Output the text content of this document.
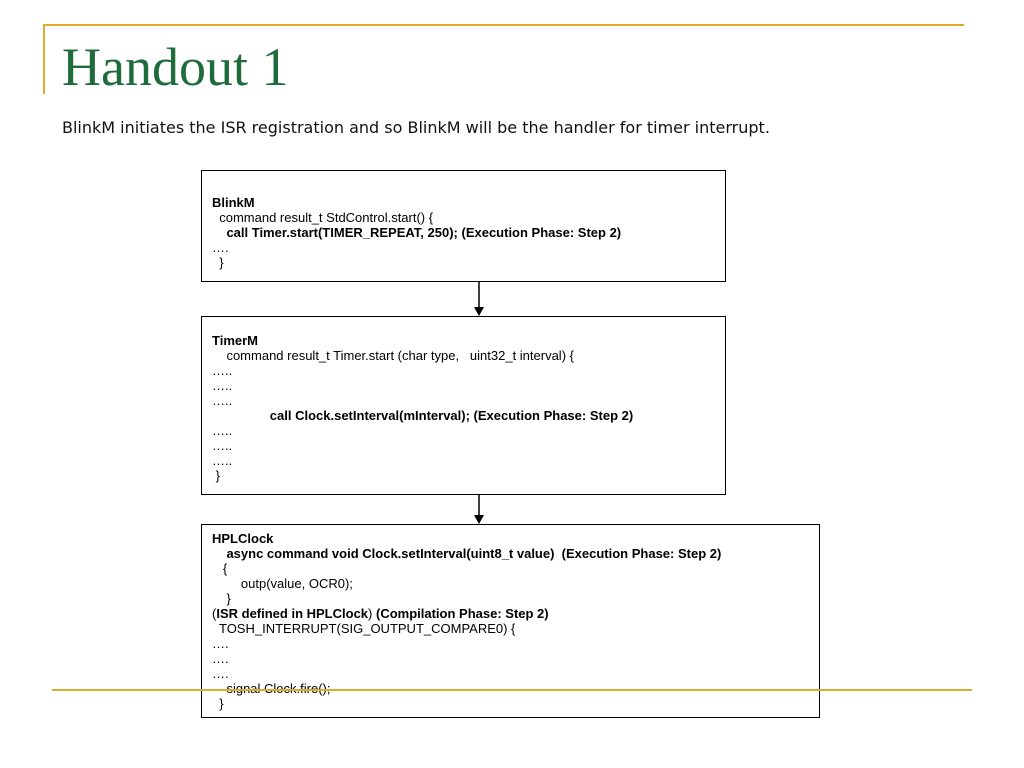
Handout 1
BlinkM initiates the ISR registration and so BlinkM will be the handler for timer interrupt.
BlinkM
command result_t StdControl.start() {
call Timer.start(TIMER_REPEAT, 250); (Execution Phase: Step 2)
….
}
TimerM
command result_t Timer.start (char type,   uint32_t interval) {
…..
…..
…..
call Clock.setInterval(mInterval); (Execution Phase: Step 2)
…..
…..
…..
}
HPLClock
async command void Clock.setInterval(uint8_t value)  (Execution Phase: Step 2)
{
outp(value, OCR0);
}
(ISR defined in HPLClock) (Compilation Phase: Step 2)
TOSH_INTERRUPT(SIG_OUTPUT_COMPARE0) {
….
….
….
}
